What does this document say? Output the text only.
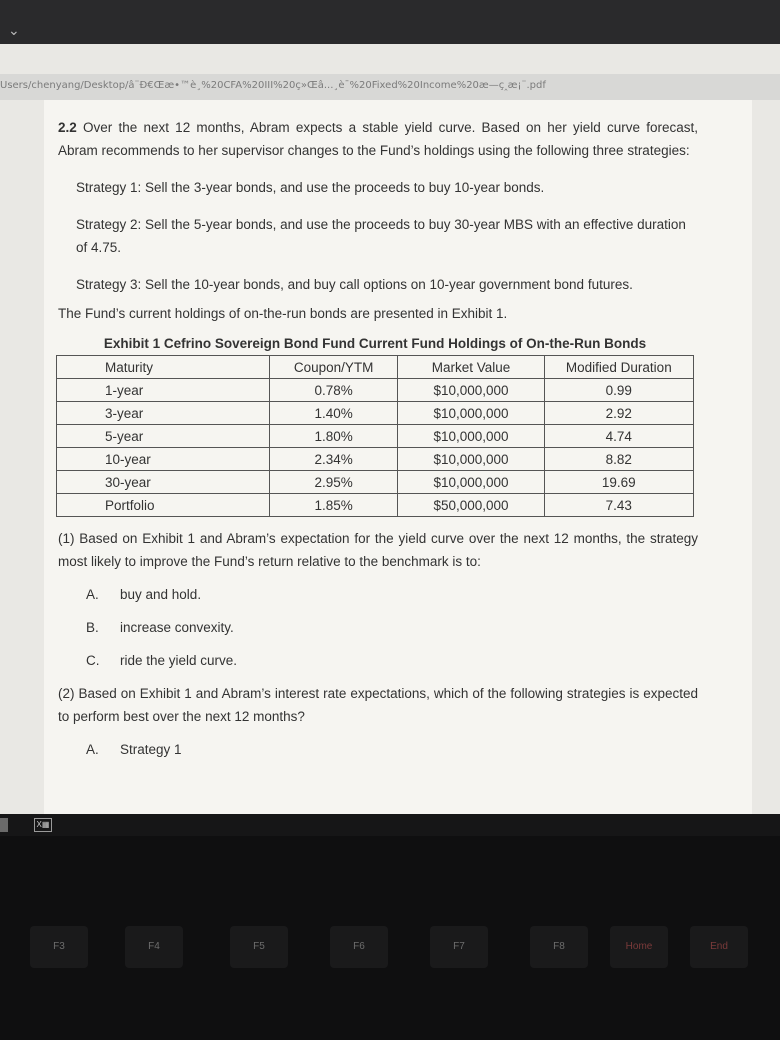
⌄
Users/chenyang/Desktop/â¨Ð€Œæ•™è¸%20CFA%20III%20ç»Œâ...¸è¯%20Fixed%20Income%20æ—ç‸æ¡¨.pdf

2.2 Over the next 12 months, Abram expects a stable yield curve. Based on her yield curve forecast, Abram recommends to her supervisor changes to the Fund’s holdings using the following three strategies:

Strategy 1: Sell the 3-year bonds, and use the proceeds to buy 10-year bonds.

Strategy 2: Sell the 5-year bonds, and use the proceeds to buy 30-year MBS with an effective duration of 4.75.

Strategy 3: Sell the 10-year bonds, and buy call options on 10-year government bond futures.

The Fund’s current holdings of on-the-run bonds are presented in Exhibit 1.

Exhibit 1 Cefrino Sovereign Bond Fund Current Fund Holdings of On-the-Run Bonds
Maturity	Coupon/YTM	Market Value	Modified Duration
1-year	0.78%	$10,000,000	0.99
3-year	1.40%	$10,000,000	2.92
5-year	1.80%	$10,000,000	4.74
10-year	2.34%	$10,000,000	8.82
30-year	2.95%	$10,000,000	19.69
Portfolio	1.85%	$50,000,000	7.43

(1) Based on Exhibit 1 and Abram’s expectation for the yield curve over the next 12 months, the strategy most likely to improve the Fund’s return relative to the benchmark is to:

A. buy and hold.

B. increase convexity.

C. ride the yield curve.

(2) Based on Exhibit 1 and Abram’s interest rate expectations, which of the following strategies is expected to perform best over the next 12 months?

A. Strategy 1

X▦
F3	F4	F5	F6	F7	F8	Home	End
